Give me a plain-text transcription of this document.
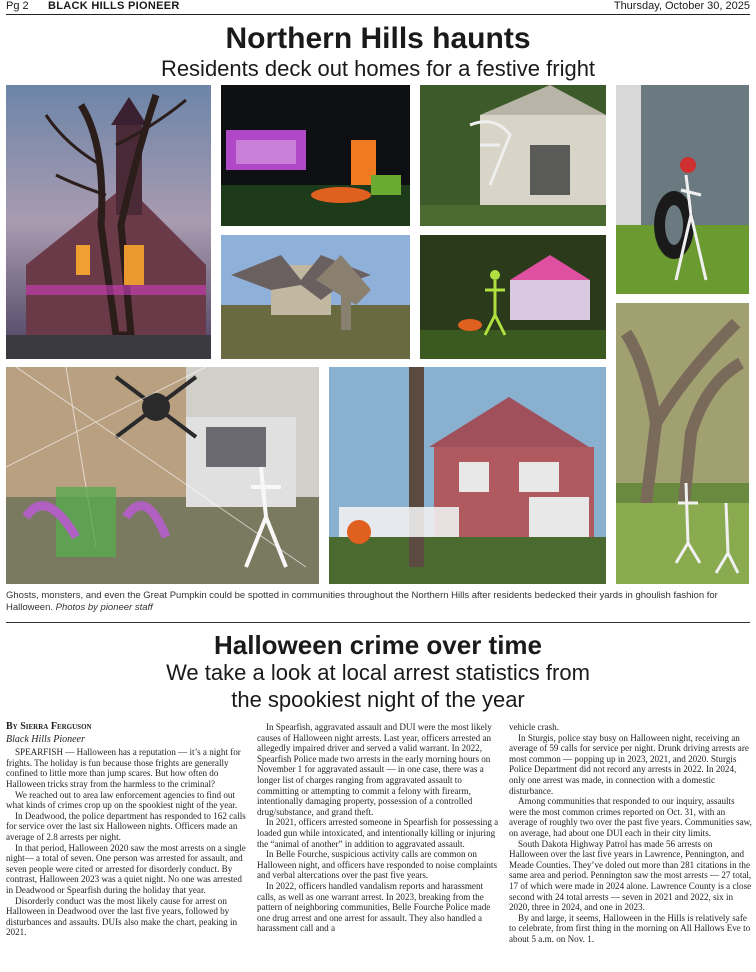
Pg 2 BLACK HILLS PIONEER	Thursday, October 30, 2025
Northern Hills haunts
Residents deck out homes for a festive fright
Ghosts, monsters, and even the Great Pumpkin could be spotted in communities throughout the Northern Hills after residents bedecked their yards in ghoulish fashion for Halloween. Photos by pioneer staff
Halloween crime over time
We take a look at local arrest statistics from
the spookiest night of the year
By Sierra Ferguson
Black Hills Pioneer

SPEARFISH — Halloween has a reputation — it’s a night for frights. The holiday is fun because those frights are generally confined to little more than jump scares. But how often do Halloween tricks stray from the harmless to the criminal?

We reached out to area law enforcement agencies to find out what kinds of crimes crop up on the spookiest night of the year.

In Deadwood, the police department has responded to 162 calls for service over the last six Halloween nights. Officers made an average of 2.8 arrests per night.

In that period, Halloween 2020 saw the most arrests on a single night— a total of seven. One person was arrested for assault, and seven people were cited or arrested for disorderly conduct. By contrast, Halloween 2023 was a quiet night. No one was arrested in Deadwood or Spearfish during the holiday that year.

Disorderly conduct was the most likely cause for arrest on Halloween in Deadwood over the last five years, followed by disturbances and assaults. DUIs also make the chart, peaking in 2021.

In Spearfish, aggravated assault and DUI were the most likely causes of Halloween night arrests. Last year, officers arrested an allegedly impaired driver and served a valid warrant. In 2022, Spearfish Police made two arrests in the early morning hours on November 1 for aggravated assault — in one case, there was a longer list of charges ranging from aggravated assault to committing or attempting to commit a felony with firearm, intentionally damaging property, possession of a controlled drug/substance, and grand theft.

In 2021, officers arrested someone in Spearfish for possessing a loaded gun while intoxicated, and intentionally killing or injuring the “animal of another” in addition to aggravated assault.

In Belle Fourche, suspicious activity calls are common on Halloween night, and officers have responded to noise complaints and verbal altercations over the past five years.

In 2022, officers handled vandalism reports and harassment calls, as well as one warrant arrest. In 2023, breaking from the pattern of neighboring communities, Belle Fourche Police made one drug arrest and one arrest for assault. They also handled a harassment call and a

vehicle crash.

In Sturgis, police stay busy on Halloween night, receiving an average of 59 calls for service per night. Drunk driving arrests are most common — popping up in 2023, 2021, and 2020. Sturgis Police Department did not record any arrests in 2022. In 2024, only one arrest was made, in connection with a domestic disturbance.

Among communities that responded to our inquiry, assaults were the most common crimes reported on Oct. 31, with an average of roughly two over the past five years. Communities saw, on average, had about one DUI each in their city limits.

South Dakota Highway Patrol has made 56 arrests on Halloween over the last five years in Lawrence, Pennington, and Meade Counties. They’ve doled out more than 281 citations in the same area and period. Pennington saw the most arrests — 27 total, 17 of which were made in 2024 alone. Lawrence County is a close second with 24 total arrests — seven in 2021 and 2022, six in 2020, three in 2024, and one in 2023.

By and large, it seems, Halloween in the Hills is relatively safe to celebrate, from first thing in the morning on All Hallows Eve to about 5 a.m. on Nov. 1.
